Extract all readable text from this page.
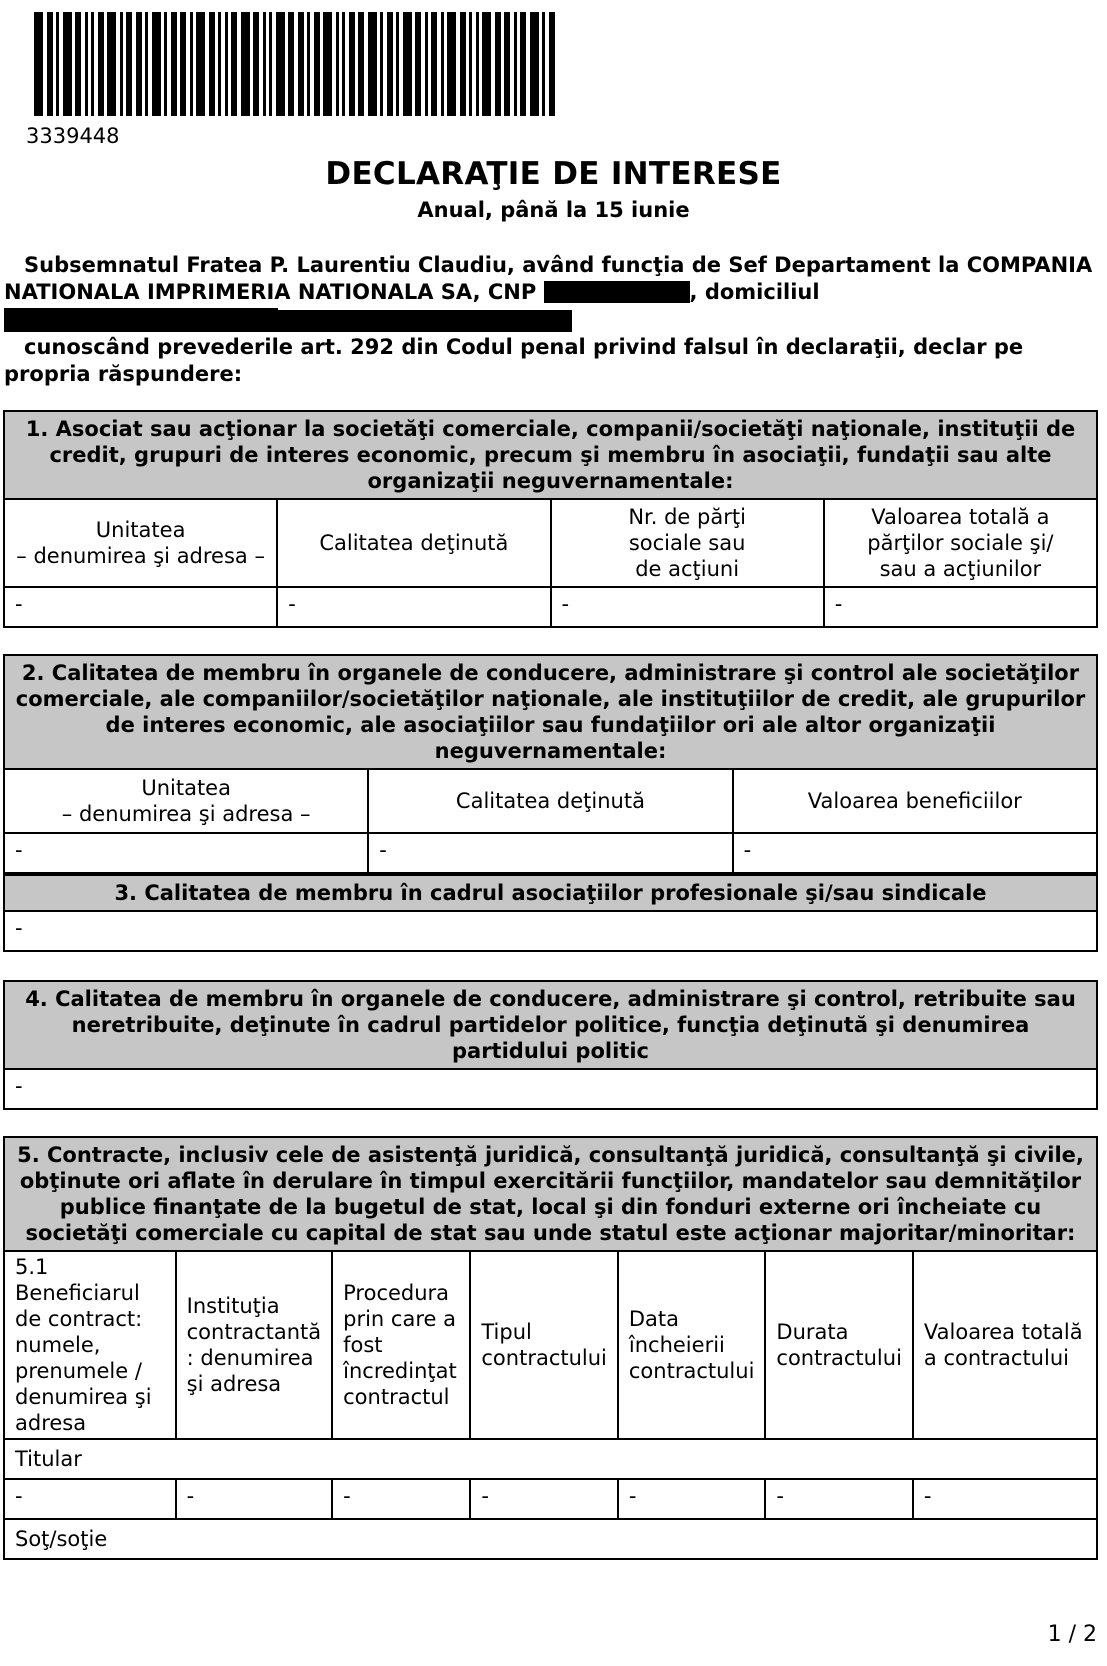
3339448
DECLARAŢIE DE INTERESE
Anual, până la 15 iunie
Subsemnatul Fratea P. Laurentiu Claudiu, având funcţia de Sef Departament la COMPANIA NATIONALA IMPRIMERIA NATIONALA SA, CNP	, domiciliul
cunoscând prevederile art. 292 din Codul penal privind falsul în declaraţii, declar pe propria răspundere:
1. Asociat sau acţionar la societăţi comerciale, companii/societăţi naţionale, instituţii de credit, grupuri de interes economic, precum şi membru în asociaţii, fundaţii sau alte organizaţii neguvernamentale:			
Unitatea
– denumirea şi adresa –	Calitatea deţinută	Nr. de părţi
sociale sau
de acţiuni	Valoarea totală a
părţilor sociale şi/
sau a acţiunilor
-	-	-	-
2. Calitatea de membru în organele de conducere, administrare şi control ale societăţilor comerciale, ale companiilor/societăţilor naţionale, ale instituţiilor de credit, ale grupurilor de interes economic, ale asociaţiilor sau fundaţiilor ori ale altor organizaţii neguvernamentale:		
Unitatea
– denumirea şi adresa –	Calitatea deţinută	Valoarea beneficiilor
-	-	-
3. Calitatea de membru în cadrul asociaţiilor profesionale şi/sau sindicale
-
4. Calitatea de membru în organele de conducere, administrare şi control, retribuite sau neretribuite, deţinute în cadrul partidelor politice, funcţia deţinută şi denumirea partidului politic
-
5. Contracte, inclusiv cele de asistenţă juridică, consultanţă juridică, consultanţă şi civile, obţinute ori aflate în derulare în timpul exercitării funcţiilor, mandatelor sau demnităţilor publice finanţate de la bugetul de stat, local şi din fonduri externe ori încheiate cu societăţi comerciale cu capital de stat sau unde statul este acţionar majoritar/minoritar:						
5.1 Beneficiarul de contract: numele, prenumele / denumirea şi adresa	Instituţia contractantă : denumirea şi adresa	Procedura prin care a fost încredinţat contractul	Tipul contractului	Data încheierii contractului	Durata contractului	Valoarea totală a contractului
Titular						
-	-	-	-	-	-	-
Soţ/soţie						
1 / 2
